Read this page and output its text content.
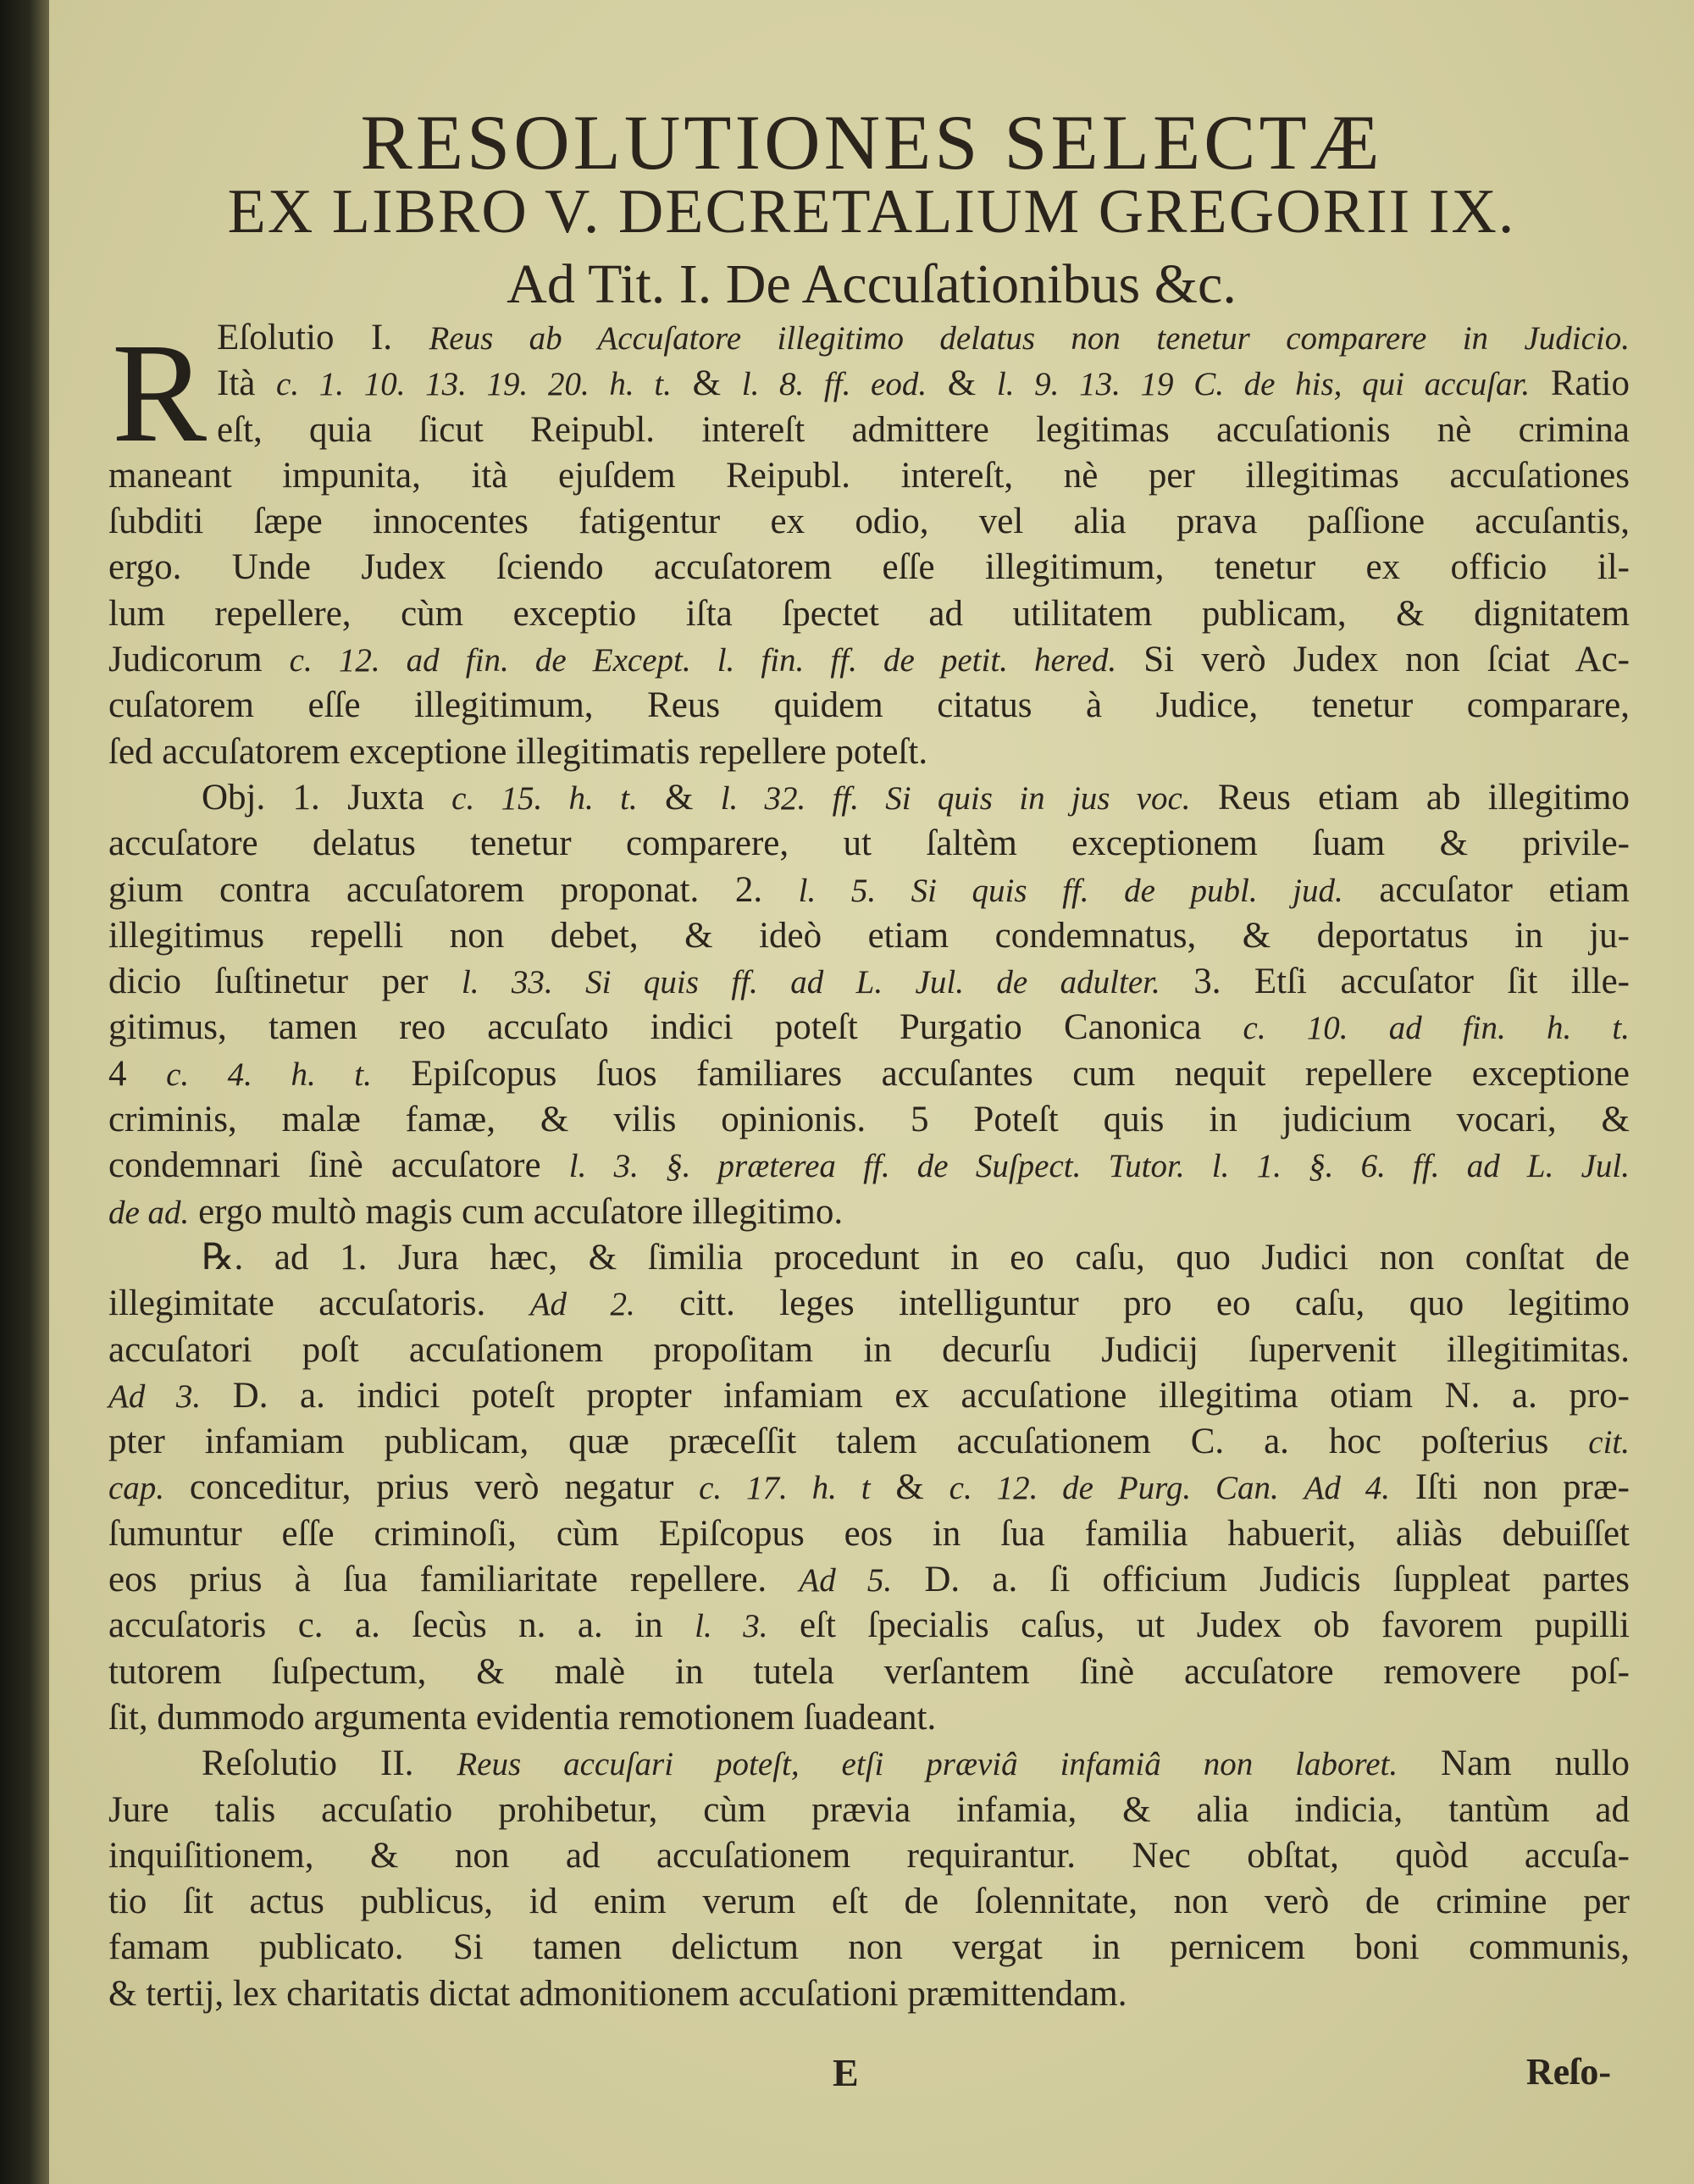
RESOLUTIONES SELECTÆ
EX LIBRO V. DECRETALIUM GREGORII IX.
Ad Tit. I. De Accuſationibus &c.
R Eſolutio I. Reus ab Accuſatore illegitimo delatus non tenetur comparere in Judicio.
Ità c. 1. 10. 13. 19. 20. h. t. & l. 8. ff. eod. & l. 9. 13. 19 C. de his, qui accuſar. Ratio
eſt, quia ſicut Reipubl. intereſt admittere legitimas accuſationis nè crimina
maneant impunita, ità ejuſdem Reipubl. intereſt, nè per illegitimas accuſationes
ſubditi ſæpe innocentes fatigentur ex odio, vel alia prava paſſione accuſantis,
ergo. Unde Judex ſciendo accuſatorem eſſe illegitimum, tenetur ex officio il-
lum repellere, cùm exceptio iſta ſpectet ad utilitatem publicam, & dignitatem
Judicorum c. 12. ad fin. de Except. l. fin. ff. de petit. hered. Si verò Judex non ſciat Ac-
cuſatorem eſſe illegitimum, Reus quidem citatus à Judice, tenetur comparare,
ſed accuſatorem exceptione illegitimatis repellere poteſt.
Obj. 1. Juxta c. 15. h. t. & l. 32. ff. Si quis in jus voc. Reus etiam ab illegitimo
accuſatore delatus tenetur comparere, ut ſaltèm exceptionem ſuam & privile-
gium contra accuſatorem proponat. 2. l. 5. Si quis ff. de publ. jud. accuſator etiam
illegitimus repelli non debet, & ideò etiam condemnatus, & deportatus in ju-
dicio ſuſtinetur per l. 33. Si quis ff. ad L. Jul. de adulter. 3. Etſi accuſator ſit ille-
gitimus, tamen reo accuſato indici poteſt Purgatio Canonica c. 10. ad fin. h. t.
4 c. 4. h. t. Epiſcopus ſuos familiares accuſantes cum nequit repellere exceptione
criminis, malæ famæ, & vilis opinionis. 5 Poteſt quis in judicium vocari, &
condemnari ſinè accuſatore l. 3. §. præterea ff. de Suſpect. Tutor. l. 1. §. 6. ff. ad L. Jul.
de ad. ergo multò magis cum accuſatore illegitimo.
℞. ad 1. Jura hæc, & ſimilia procedunt in eo caſu, quo Judici non conſtat de
illegimitate accuſatoris. Ad 2. citt. leges intelliguntur pro eo caſu, quo legitimo
accuſatori poſt accuſationem propoſitam in decurſu Judicij ſupervenit illegitimitas.
Ad 3. D. a. indici poteſt propter infamiam ex accuſatione illegitima otiam N. a. pro-
pter infamiam publicam, quæ præceſſit talem accuſationem C. a. hoc poſterius cit.
cap. conceditur, prius verò negatur c. 17. h. t & c. 12. de Purg. Can. Ad 4. Iſti non præ-
ſumuntur eſſe criminoſi, cùm Epiſcopus eos in ſua familia habuerit, aliàs debuiſſet
eos prius à ſua familiaritate repellere. Ad 5. D. a. ſi officium Judicis ſuppleat partes
accuſatoris c. a. ſecùs n. a. in l. 3. eſt ſpecialis caſus, ut Judex ob favorem pupilli
tutorem ſuſpectum, & malè in tutela verſantem ſinè accuſatore removere poſ-
ſit, dummodo argumenta evidentia remotionem ſuadeant.
Reſolutio II. Reus accuſari poteſt, etſi præviâ infamiâ non laboret. Nam nullo
Jure talis accuſatio prohibetur, cùm prævia infamia, & alia indicia, tantùm ad
inquiſitionem, & non ad accuſationem requirantur. Nec obſtat, quòd accuſa-
tio ſit actus publicus, id enim verum eſt de ſolennitate, non verò de crimine per
famam publicato. Si tamen delictum non vergat in pernicem boni communis,
& tertij, lex charitatis dictat admonitionem accuſationi præmittendam.
E	Reſo-
